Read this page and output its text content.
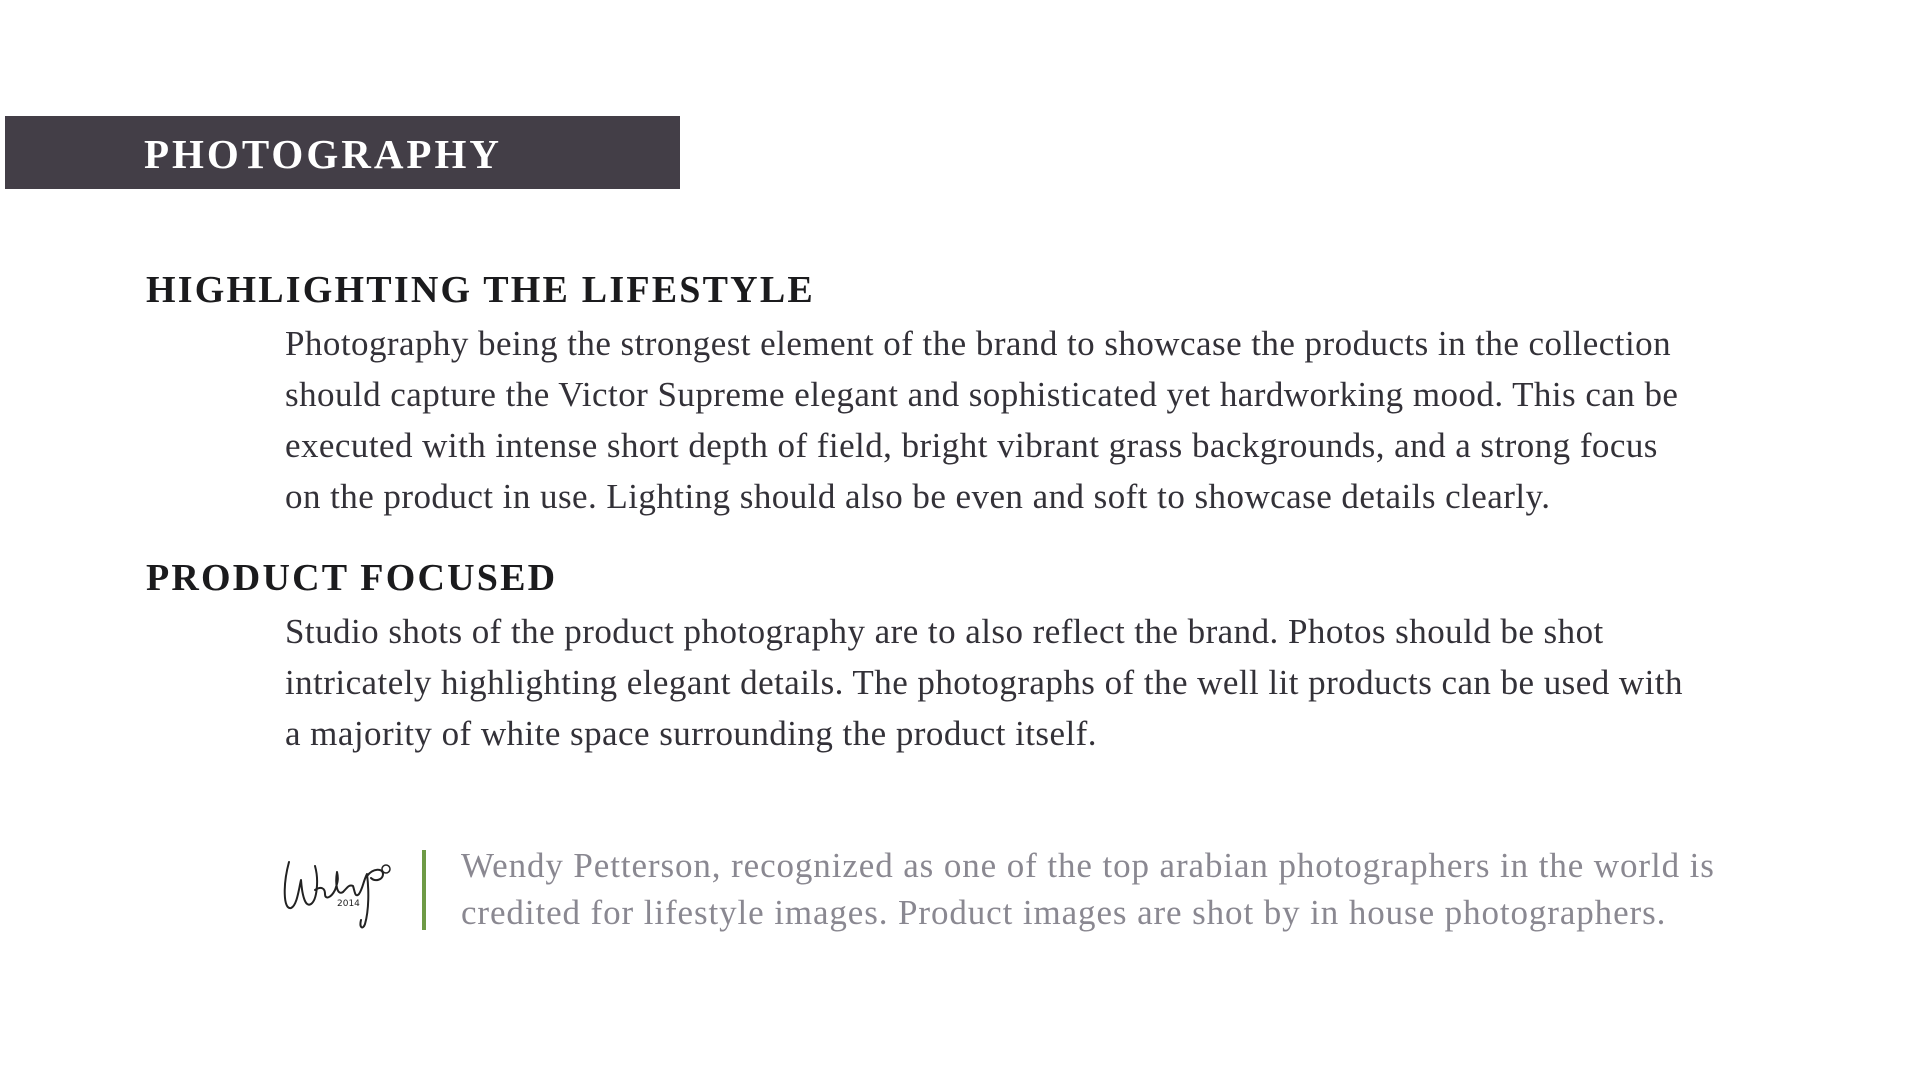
PHOTOGRAPHY
HIGHLIGHTING THE LIFESTYLE

Photography being the strongest element of the brand to showcase the products in the collection
should capture the Victor Supreme elegant and sophisticated yet hardworking mood. This can be
executed with intense short depth of field, bright vibrant grass backgrounds, and a strong focus
on the product in use. Lighting should also be even and soft to showcase details clearly.

PRODUCT FOCUSED

Studio shots of the product photography are to also reflect the brand. Photos should be shot
intricately highlighting elegant details. The photographs of the well lit products can be used with
a majority of white space surrounding the product itself.

2014

Wendy Petterson, recognized as one of the top arabian photographers in the world is
credited for lifestyle images. Product images are shot by in house photographers.
